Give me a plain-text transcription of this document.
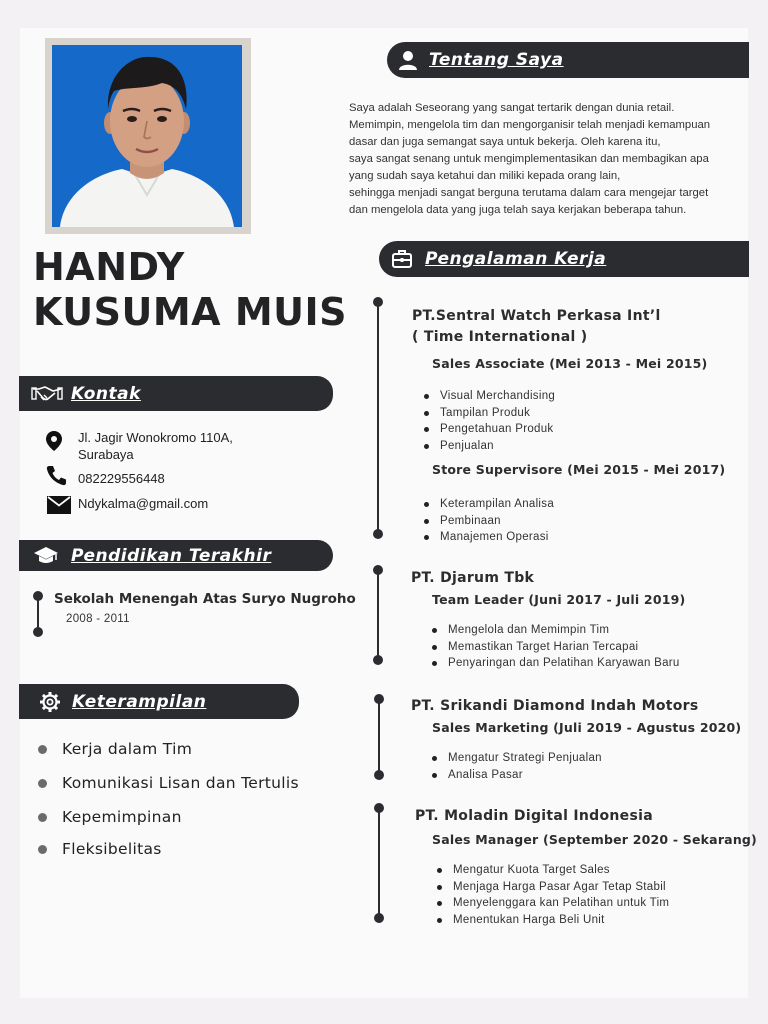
HANDY
KUSUMA MUIS
Tentang Saya

Saya adalah Seseorang yang sangat tertarik dengan dunia retail.

Memimpin, mengelola tim dan mengorganisir telah menjadi kemampuan

dasar dan juga semangat saya untuk bekerja. Oleh karena itu,

saya sangat senang untuk mengimplementasikan dan membagikan apa

yang sudah saya ketahui dan miliki kepada orang lain,

sehingga menjadi sangat berguna terutama dalam cara mengejar target

dan mengelola data yang juga telah saya kerjakan beberapa tahun.

Pengalaman Kerja
Kontak
Jl. Jagir Wonokromo 110A,
Surabaya
082229556448
Ndykalma@gmail.com
Pendidikan Terakhir
Sekolah Menengah Atas Suryo Nugroho
2008 - 2011
Keterampilan
Kerja dalam Tim
Komunikasi Lisan dan Tertulis
Kepemimpinan
Fleksibelitas
PT.Sentral Watch Perkasa Int’l
( Time International )
Sales Associate (Mei 2013 - Mei 2015)
Visual Merchandising
Tampilan Produk
Pengetahuan Produk
Penjualan
Store Supervisore (Mei 2015 - Mei 2017)
Keterampilan Analisa
Pembinaan
Manajemen Operasi
PT. Djarum Tbk
Team Leader (Juni 2017 - Juli 2019)
Mengelola dan Memimpin Tim
Memastikan Target Harian Tercapai
Penyaringan dan Pelatihan Karyawan Baru
PT. Srikandi Diamond Indah Motors
Sales Marketing (Juli 2019 - Agustus 2020)
Mengatur Strategi Penjualan
Analisa Pasar
PT. Moladin Digital Indonesia
Sales Manager (September 2020 - Sekarang)
Mengatur Kuota Target Sales
Menjaga Harga Pasar Agar Tetap Stabil
Menyelenggara kan Pelatihan untuk Tim
Menentukan Harga Beli Unit
